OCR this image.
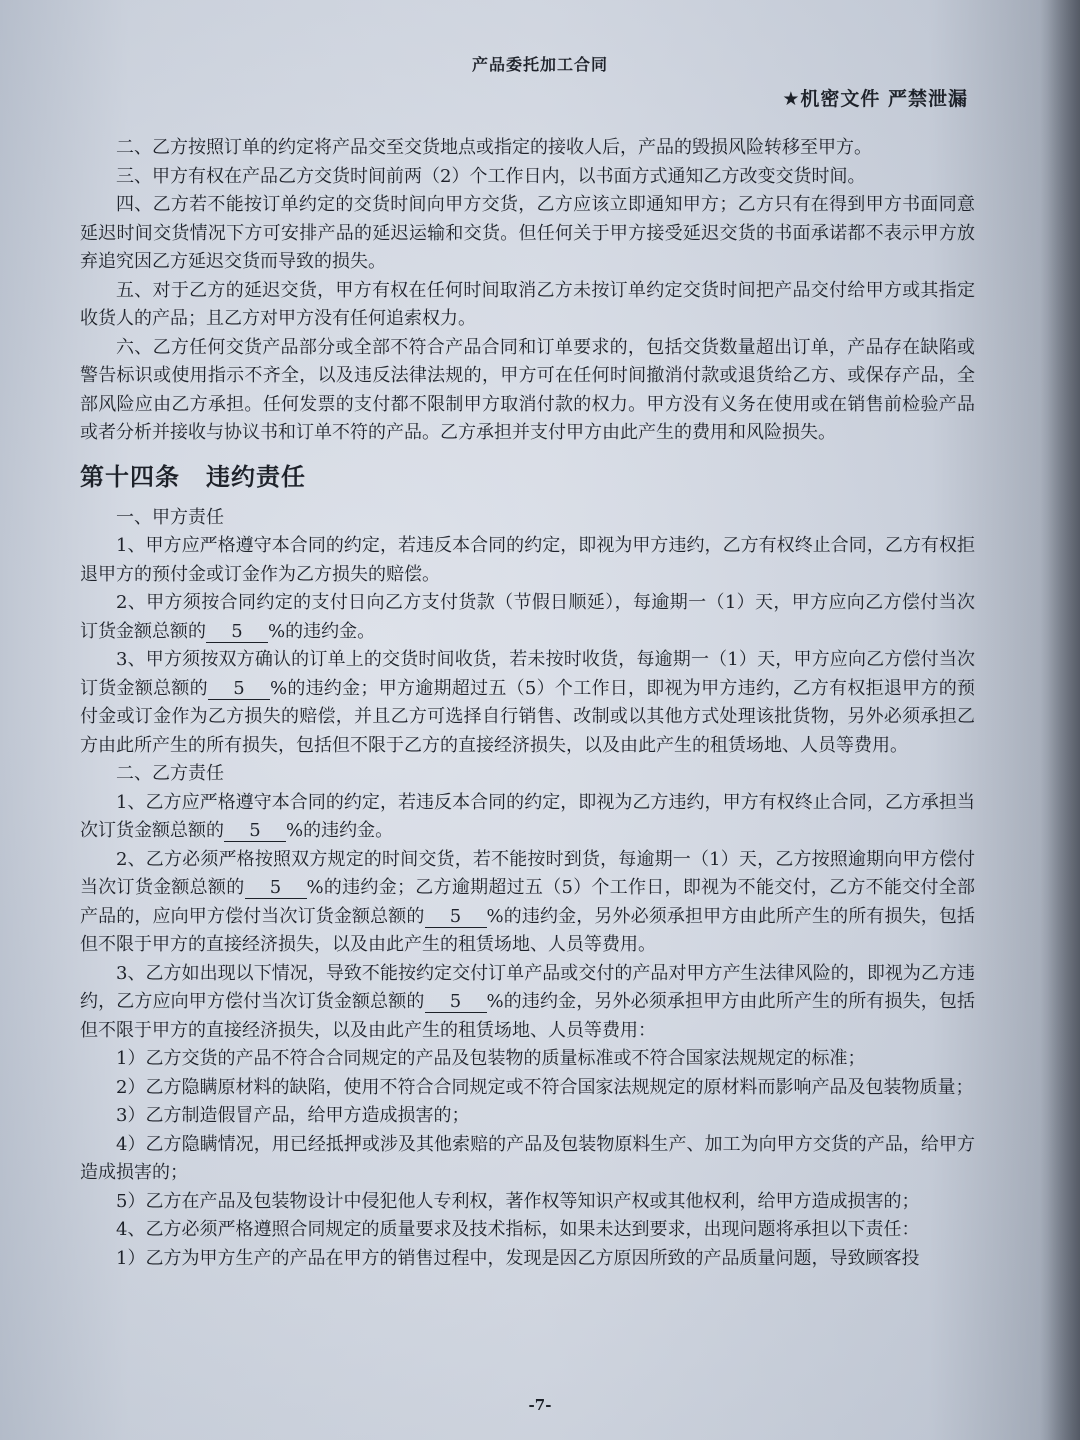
产品委托加工合同
★机密文件 严禁泄漏

二、乙方按照订单的约定将产品交至交货地点或指定的接收人后，产品的毁损风险转移至甲方。

三、甲方有权在产品乙方交货时间前两（2）个工作日内，以书面方式通知乙方改变交货时间。

四、乙方若不能按订单约定的交货时间向甲方交货，乙方应该立即通知甲方；乙方只有在得到甲方书面同意延迟时间交货情况下方可安排产品的延迟运输和交货。但任何关于甲方接受延迟交货的书面承诺都不表示甲方放弃追究因乙方延迟交货而导致的损失。

五、对于乙方的延迟交货，甲方有权在任何时间取消乙方未按订单约定交货时间把产品交付给甲方或其指定收货人的产品；且乙方对甲方没有任何追索权力。

六、乙方任何交货产品部分或全部不符合产品合同和订单要求的，包括交货数量超出订单，产品存在缺陷或警告标识或使用指示不齐全，以及违反法律法规的，甲方可在任何时间撤消付款或退货给乙方、或保存产品，全部风险应由乙方承担。任何发票的支付都不限制甲方取消付款的权力。甲方没有义务在使用或在销售前检验产品或者分析并接收与协议书和订单不符的产品。乙方承担并支付甲方由此产生的费用和风险损失。

第十四条 违约责任

一、甲方责任

1、甲方应严格遵守本合同的约定，若违反本合同的约定，即视为甲方违约，乙方有权终止合同，乙方有权拒退甲方的预付金或订金作为乙方损失的赔偿。

2、甲方须按合同约定的支付日向乙方支付货款（节假日顺延），每逾期一（1）天，甲方应向乙方偿付当次订货金额总额的 5 %的违约金。

3、甲方须按双方确认的订单上的交货时间收货，若未按时收货，每逾期一（1）天，甲方应向乙方偿付当次订货金额总额的 5 %的违约金；甲方逾期超过五（5）个工作日，即视为甲方违约，乙方有权拒退甲方的预付金或订金作为乙方损失的赔偿，并且乙方可选择自行销售、改制或以其他方式处理该批货物，另外必须承担乙方由此所产生的所有损失，包括但不限于乙方的直接经济损失，以及由此产生的租赁场地、人员等费用。

二、乙方责任

1、乙方应严格遵守本合同的约定，若违反本合同的约定，即视为乙方违约，甲方有权终止合同，乙方承担当次订货金额总额的 5 %的违约金。

2、乙方必须严格按照双方规定的时间交货，若不能按时到货，每逾期一（1）天，乙方按照逾期向甲方偿付当次订货金额总额的 5 %的违约金；乙方逾期超过五（5）个工作日，即视为不能交付，乙方不能交付全部产品的，应向甲方偿付当次订货金额总额的 5 %的违约金，另外必须承担甲方由此所产生的所有损失，包括但不限于甲方的直接经济损失，以及由此产生的租赁场地、人员等费用。

3、乙方如出现以下情况，导致不能按约定交付订单产品或交付的产品对甲方产生法律风险的，即视为乙方违约，乙方应向甲方偿付当次订货金额总额的 5 %的违约金，另外必须承担甲方由此所产生的所有损失，包括但不限于甲方的直接经济损失，以及由此产生的租赁场地、人员等费用：

1）乙方交货的产品不符合合同规定的产品及包装物的质量标准或不符合国家法规规定的标准；

2）乙方隐瞒原材料的缺陷，使用不符合合同规定或不符合国家法规规定的原材料而影响产品及包装物质量；

3）乙方制造假冒产品，给甲方造成损害的；

4）乙方隐瞒情况，用已经抵押或涉及其他索赔的产品及包装物原料生产、加工为向甲方交货的产品，给甲方造成损害的；

5）乙方在产品及包装物设计中侵犯他人专利权，著作权等知识产权或其他权利，给甲方造成损害的；

4、乙方必须严格遵照合同规定的质量要求及技术指标，如果未达到要求，出现问题将承担以下责任：

1）乙方为甲方生产的产品在甲方的销售过程中，发现是因乙方原因所致的产品质量问题，导致顾客投

-7-
